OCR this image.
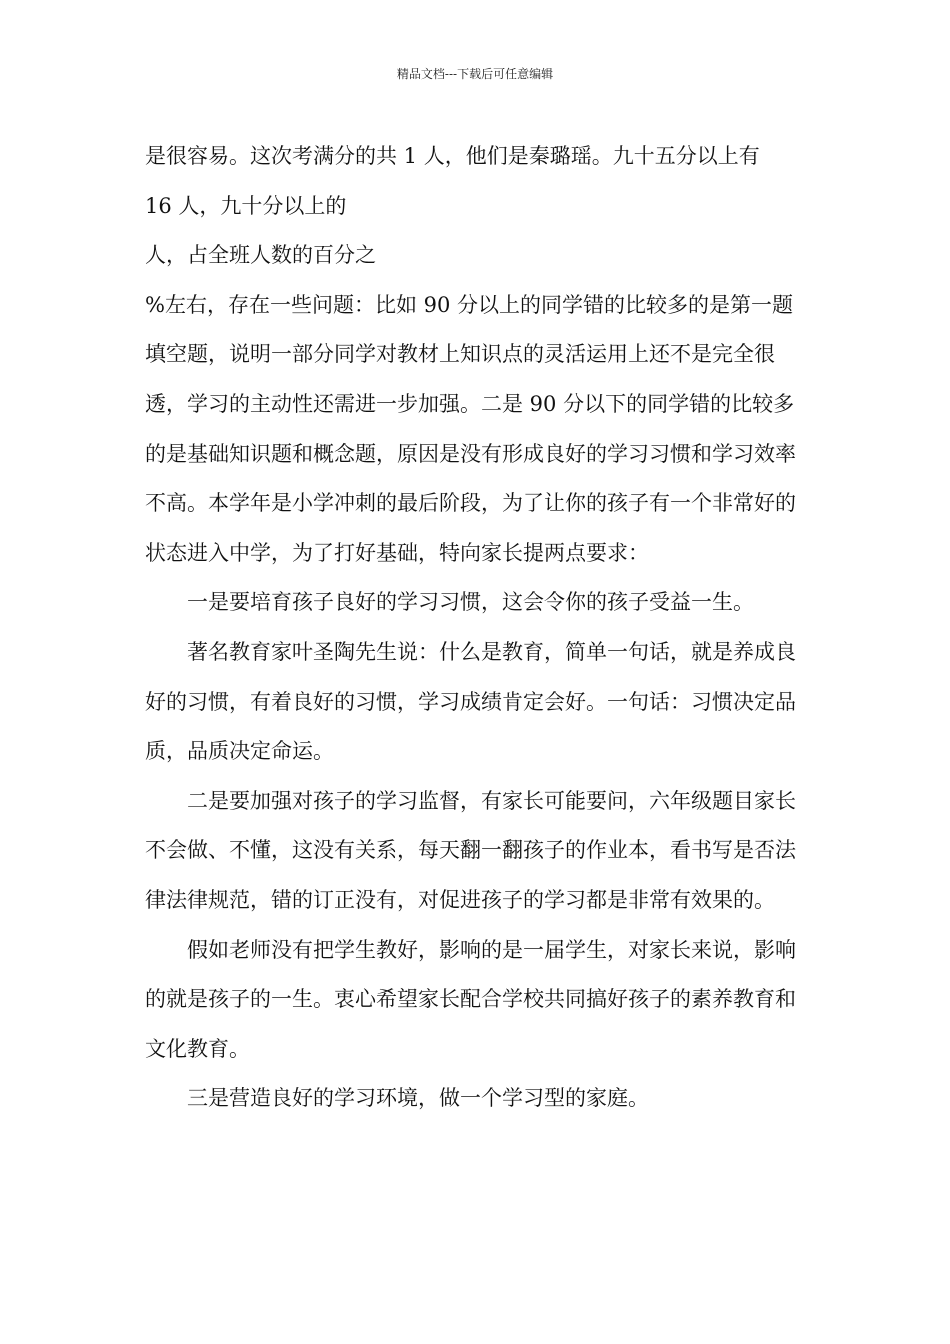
精品文档---下载后可任意编辑

是很容易。这次考满分的共 1 人，他们是秦璐瑶。九十五分以上有

16 人，九十分以上的

人，占全班人数的百分之

%左右，存在一些问题：比如 90 分以上的同学错的比较多的是第一题填空题，说明一部分同学对教材上知识点的灵活运用上还不是完全很透，学习的主动性还需进一步加强。二是 90 分以下的同学错的比较多的是基础知识题和概念题，原因是没有形成良好的学习习惯和学习效率不高。本学年是小学冲刺的最后阶段，为了让你的孩子有一个非常好的状态进入中学，为了打好基础，特向家长提两点要求：

一是要培育孩子良好的学习习惯，这会令你的孩子受益一生。

著名教育家叶圣陶先生说：什么是教育，简单一句话，就是养成良好的习惯，有着良好的习惯，学习成绩肯定会好。一句话：习惯决定品质，品质决定命运。

二是要加强对孩子的学习监督，有家长可能要问，六年级题目家长不会做、不懂，这没有关系，每天翻一翻孩子的作业本，看书写是否法律法律规范，错的订正没有，对促进孩子的学习都是非常有效果的。

假如老师没有把学生教好，影响的是一届学生，对家长来说，影响的就是孩子的一生。衷心希望家长配合学校共同搞好孩子的素养教育和文化教育。

三是营造良好的学习环境，做一个学习型的家庭。
